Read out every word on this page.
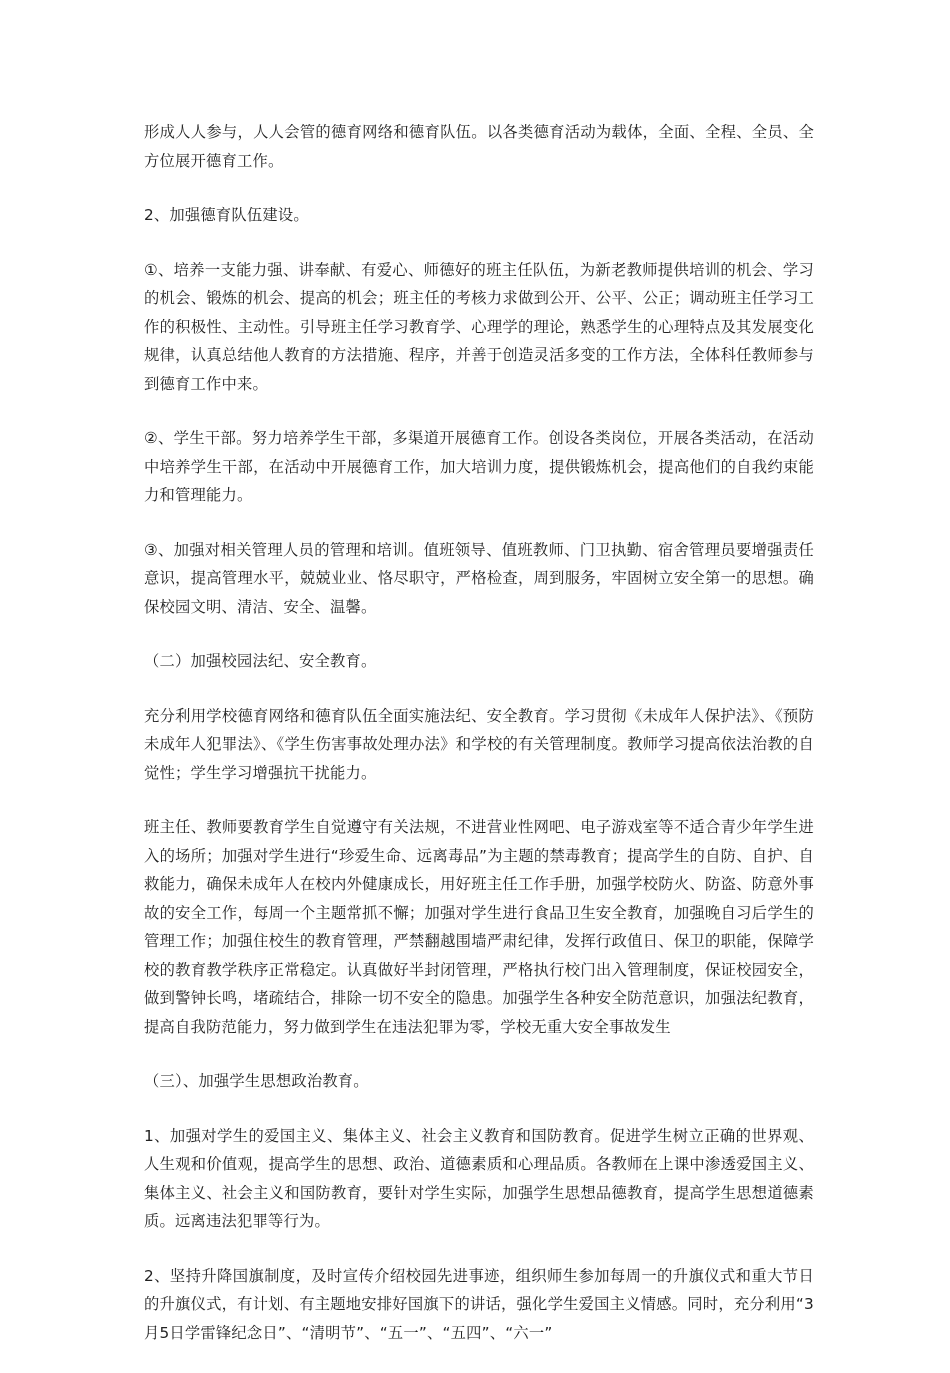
形成人人参与，人人会管的德育网络和德育队伍。以各类德育活动为载体，全面、全程、全员、全方位展开德育工作。

2、加强德育队伍建设。

①、培养一支能力强、讲奉献、有爱心、师德好的班主任队伍，为新老教师提供培训的机会、学习的机会、锻炼的机会、提高的机会；班主任的考核力求做到公开、公平、公正；调动班主任学习工作的积极性、主动性。引导班主任学习教育学、心理学的理论，熟悉学生的心理特点及其发展变化规律，认真总结他人教育的方法措施、程序，并善于创造灵活多变的工作方法，全体科任教师参与到德育工作中来。

②、学生干部。努力培养学生干部，多渠道开展德育工作。创设各类岗位，开展各类活动，在活动中培养学生干部，在活动中开展德育工作，加大培训力度，提供锻炼机会，提高他们的自我约束能力和管理能力。

③、加强对相关管理人员的管理和培训。值班领导、值班教师、门卫执勤、宿舍管理员要增强责任意识，提高管理水平，兢兢业业、恪尽职守，严格检查，周到服务，牢固树立安全第一的思想。确保校园文明、清洁、安全、温馨。

（二）加强校园法纪、安全教育。

充分利用学校德育网络和德育队伍全面实施法纪、安全教育。学习贯彻《未成年人保护法》、《预防未成年人犯罪法》、《学生伤害事故处理办法》和学校的有关管理制度。教师学习提高依法治教的自觉性；学生学习增强抗干扰能力。

班主任、教师要教育学生自觉遵守有关法规，不进营业性网吧、电子游戏室等不适合青少年学生进入的场所；加强对学生进行“珍爱生命、远离毒品”为主题的禁毒教育；提高学生的自防、自护、自救能力，确保未成年人在校内外健康成长，用好班主任工作手册，加强学校防火、防盗、防意外事故的安全工作，每周一个主题常抓不懈；加强对学生进行食品卫生安全教育，加强晚自习后学生的管理工作；加强住校生的教育管理，严禁翻越围墙严肃纪律，发挥行政值日、保卫的职能，保障学校的教育教学秩序正常稳定。认真做好半封闭管理，严格执行校门出入管理制度，保证校园安全，做到警钟长鸣，堵疏结合，排除一切不安全的隐患。加强学生各种安全防范意识，加强法纪教育，提高自我防范能力，努力做到学生在违法犯罪为零，学校无重大安全事故发生

（三）、加强学生思想政治教育。

1、加强对学生的爱国主义、集体主义、社会主义教育和国防教育。促进学生树立正确的世界观、人生观和价值观，提高学生的思想、政治、道德素质和心理品质。各教师在上课中渗透爱国主义、集体主义、社会主义和国防教育，要针对学生实际，加强学生思想品德教育，提高学生思想道德素质。远离违法犯罪等行为。

2、坚持升降国旗制度，及时宣传介绍校园先进事迹，组织师生参加每周一的升旗仪式和重大节日的升旗仪式，有计划、有主题地安排好国旗下的讲话，强化学生爱国主义情感。同时，充分利用“3月5日学雷锋纪念日”、“清明节”、“五一”、“五四”、“六一”
